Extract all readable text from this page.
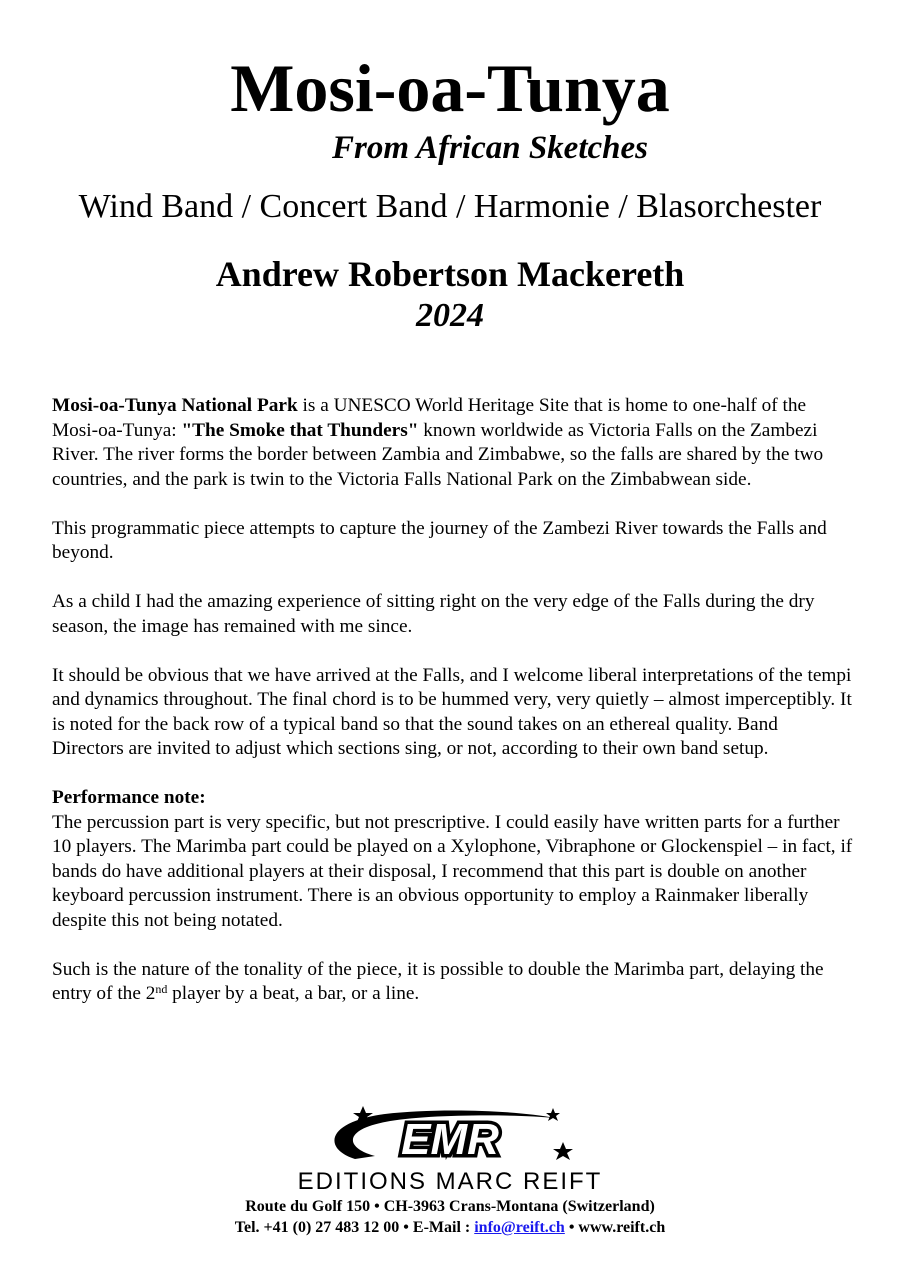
Mosi-oa-Tunya
From African Sketches
Wind Band / Concert Band / Harmonie / Blasorchester
Andrew Robertson Mackereth
2024

Mosi-oa-Tunya National Park is a UNESCO World Heritage Site that is home to one-half of the Mosi-oa-Tunya: "The Smoke that Thunders" known worldwide as Victoria Falls on the Zambezi River. The river forms the border between Zambia and Zimbabwe, so the falls are shared by the two countries, and the park is twin to the Victoria Falls National Park on the Zimbabwean side.

This programmatic piece attempts to capture the journey of the Zambezi River towards the Falls and beyond.

As a child I had the amazing experience of sitting right on the very edge of the Falls during the dry season, the image has remained with me since.

It should be obvious that we have arrived at the Falls, and I welcome liberal interpretations of the tempi and dynamics throughout. The final chord is to be hummed very, very quietly – almost imperceptibly. It is noted for the back row of a typical band so that the sound takes on an ethereal quality. Band Directors are invited to adjust which sections sing, or not, according to their own band setup.

Performance note:
The percussion part is very specific, but not prescriptive. I could easily have written parts for a further 10 players. The Marimba part could be played on a Xylophone, Vibraphone or Glockenspiel – in fact, if bands do have additional players at their disposal, I recommend that this part is double on another keyboard percussion instrument. There is an obvious opportunity to employ a Rainmaker liberally despite this not being notated.

Such is the nature of the tonality of the piece, it is possible to double the Marimba part, delaying the entry of the 2nd player by a beat, a bar, or a line.

EMR
EDITIONS MARC REIFT
Route du Golf 150 • CH-3963 Crans-Montana (Switzerland)
Tel. +41 (0) 27 483 12 00 • E-Mail : info@reift.ch • www.reift.ch
